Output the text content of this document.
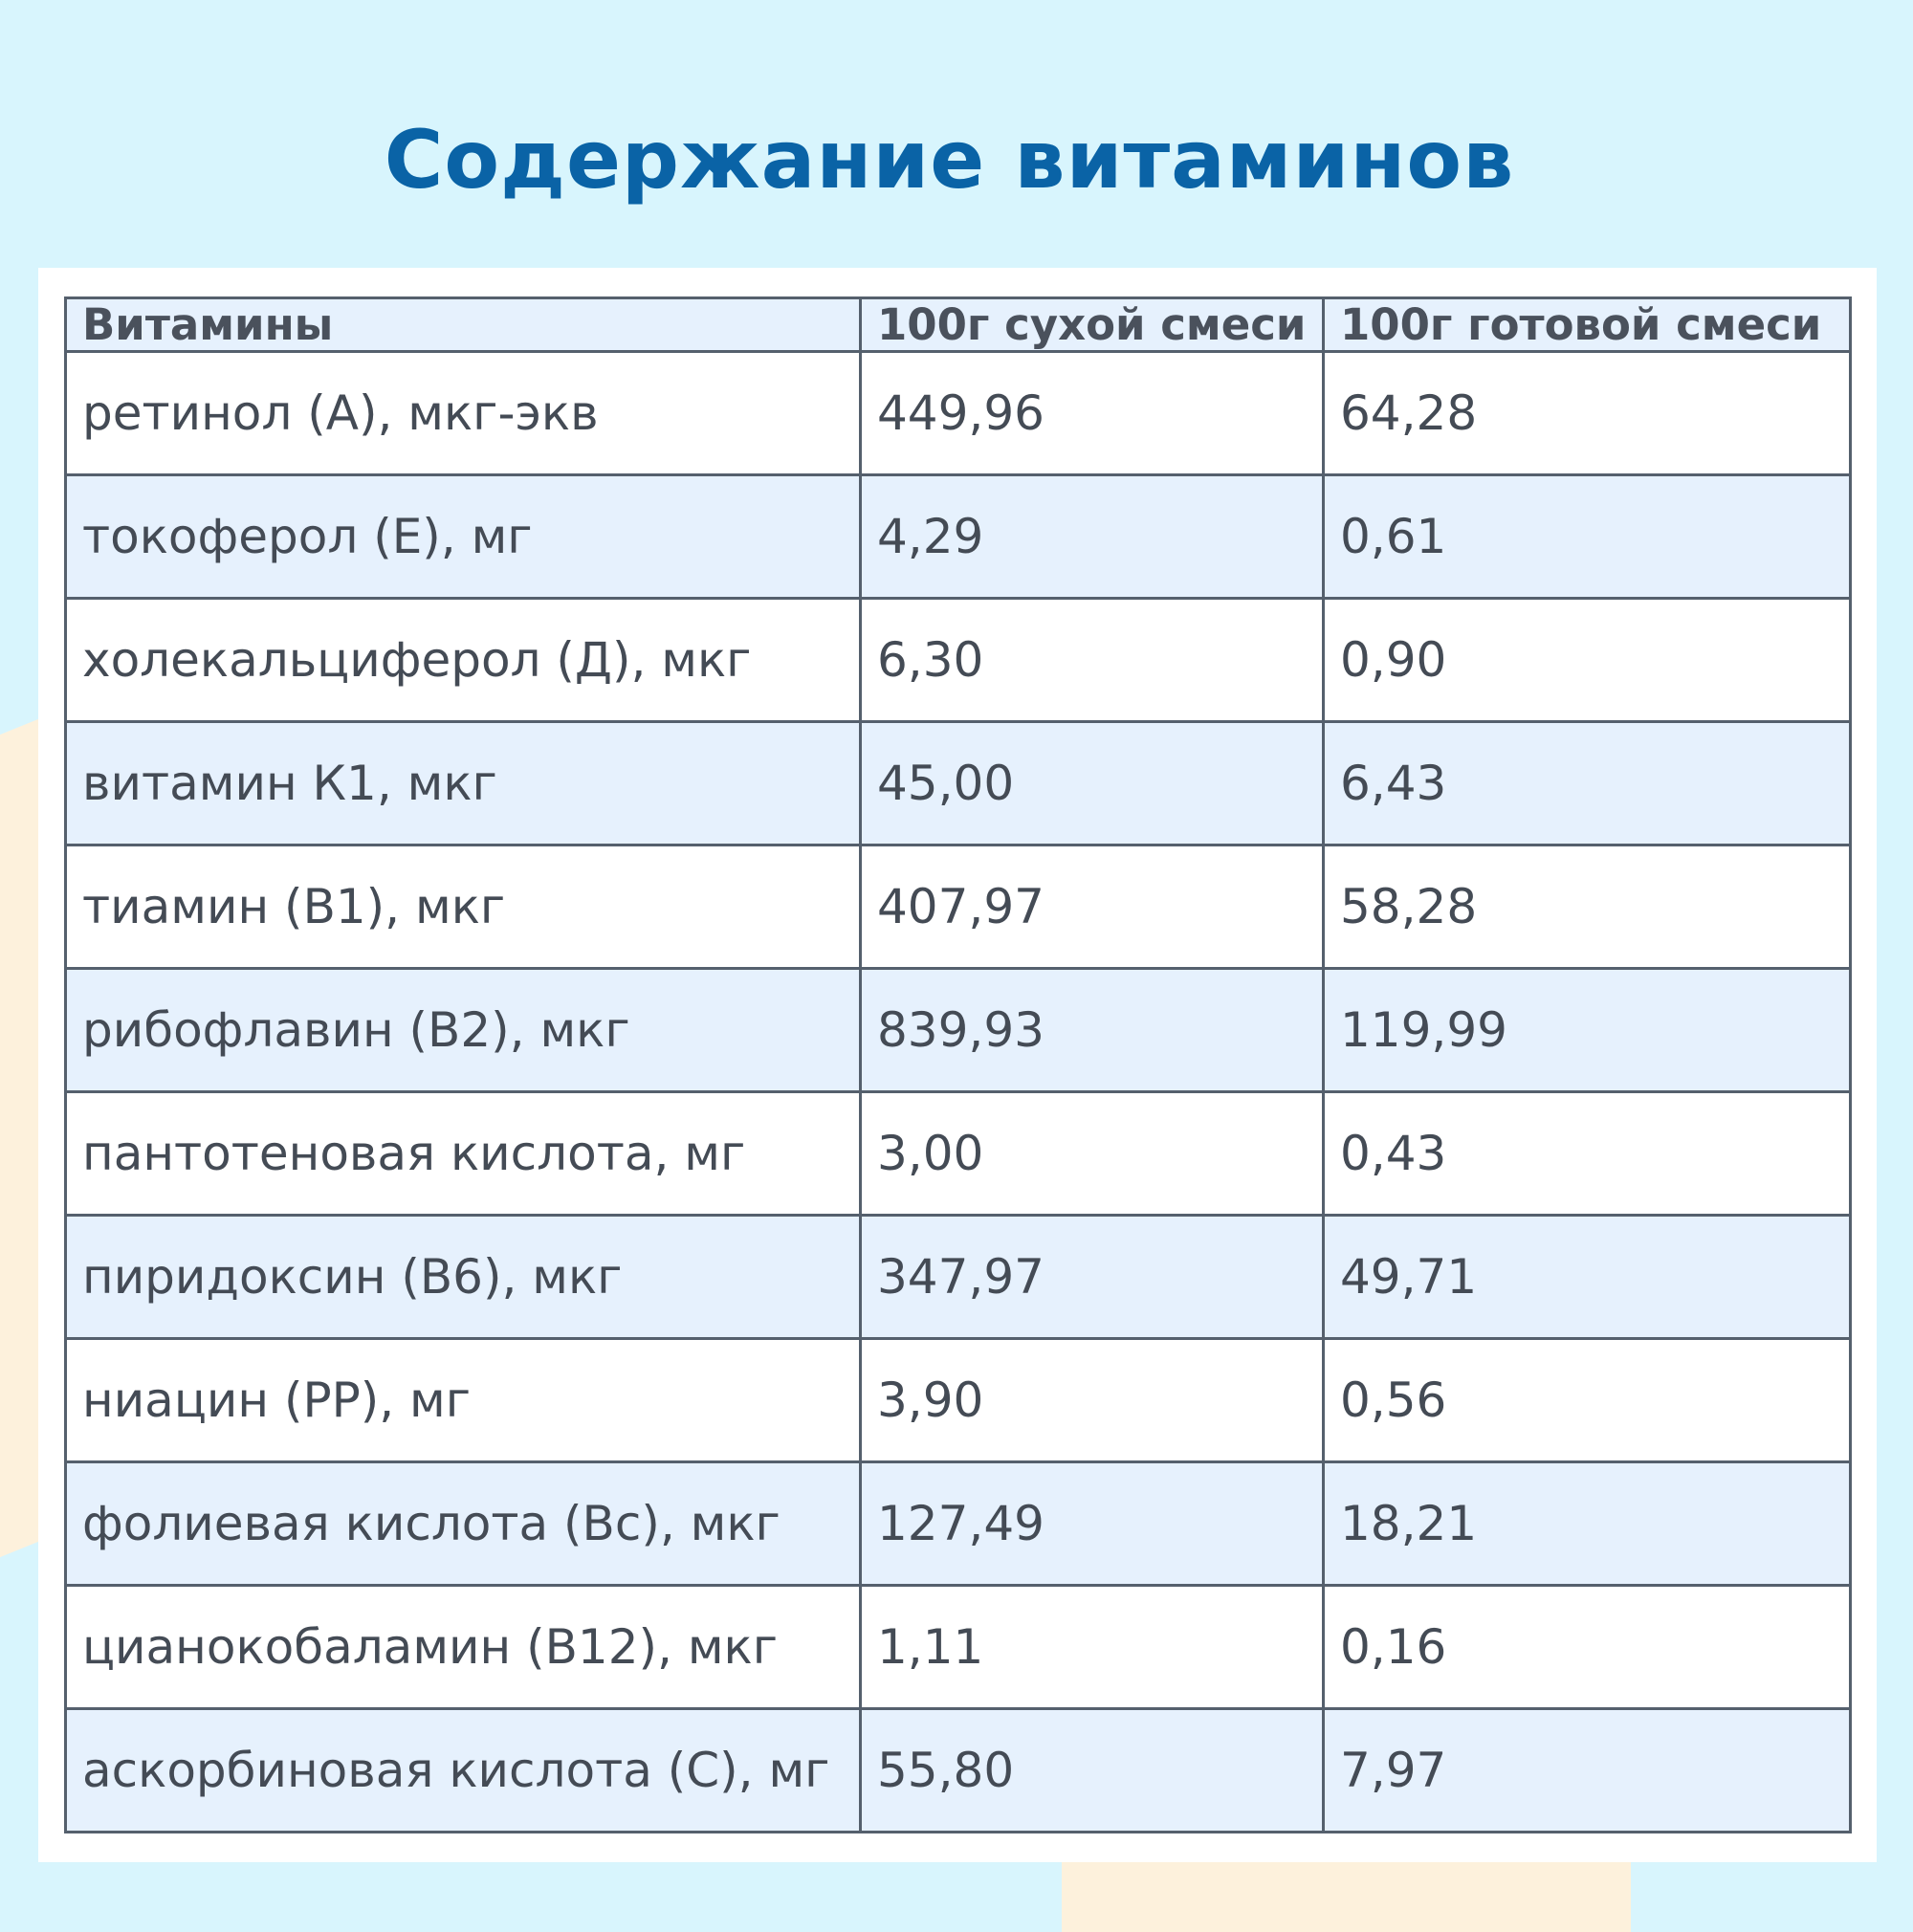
Содержание витаминов
Витамины	100г сухой смеси	100г готовой смеси
ретинол (А), мкг-экв	449,96	64,28
токоферол (Е), мг	4,29	0,61
холекальциферол (Д), мкг	6,30	0,90
витамин К1, мкг	45,00	6,43
тиамин (В1), мкг	407,97	58,28
рибофлавин (В2), мкг	839,93	119,99
пантотеновая кислота, мг	3,00	0,43
пиридоксин (В6), мкг	347,97	49,71
ниацин (РР), мг	3,90	0,56
фолиевая кислота (Вс), мкг	127,49	18,21
цианокобаламин (В12), мкг	1,11	0,16
аскорбиновая кислота (С), мг	55,80	7,97
